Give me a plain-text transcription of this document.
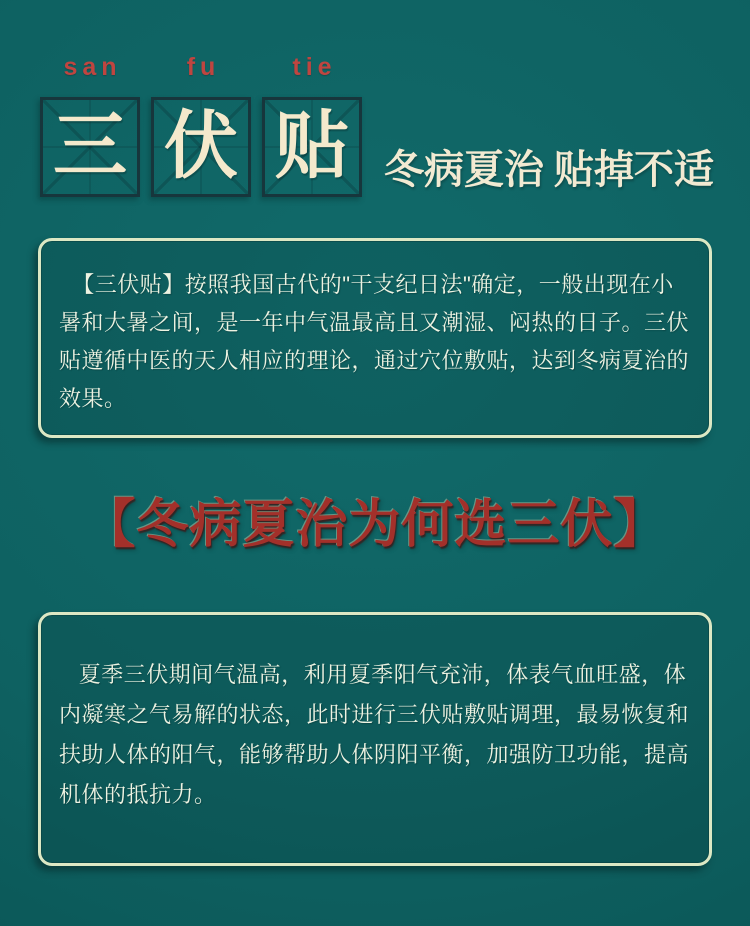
san
三
fu
伏
tie
贴 冬病夏治 贴掉不适

【三伏贴】按照我国古代的"干支纪日法"确定，一般出现在小

暑和大暑之间，是一年中气温最高且又潮湿、闷热的日子。三伏

贴遵循中医的天人相应的理论，通过穴位敷贴，达到冬病夏治的

效果。

【冬病夏治为何选三伏】

夏季三伏期间气温高，利用夏季阳气充沛，体表气血旺盛，体

内凝寒之气易解的状态，此时进行三伏贴敷贴调理，最易恢复和

扶助人体的阳气，能够帮助人体阴阳平衡，加强防卫功能，提高

机体的抵抗力。
